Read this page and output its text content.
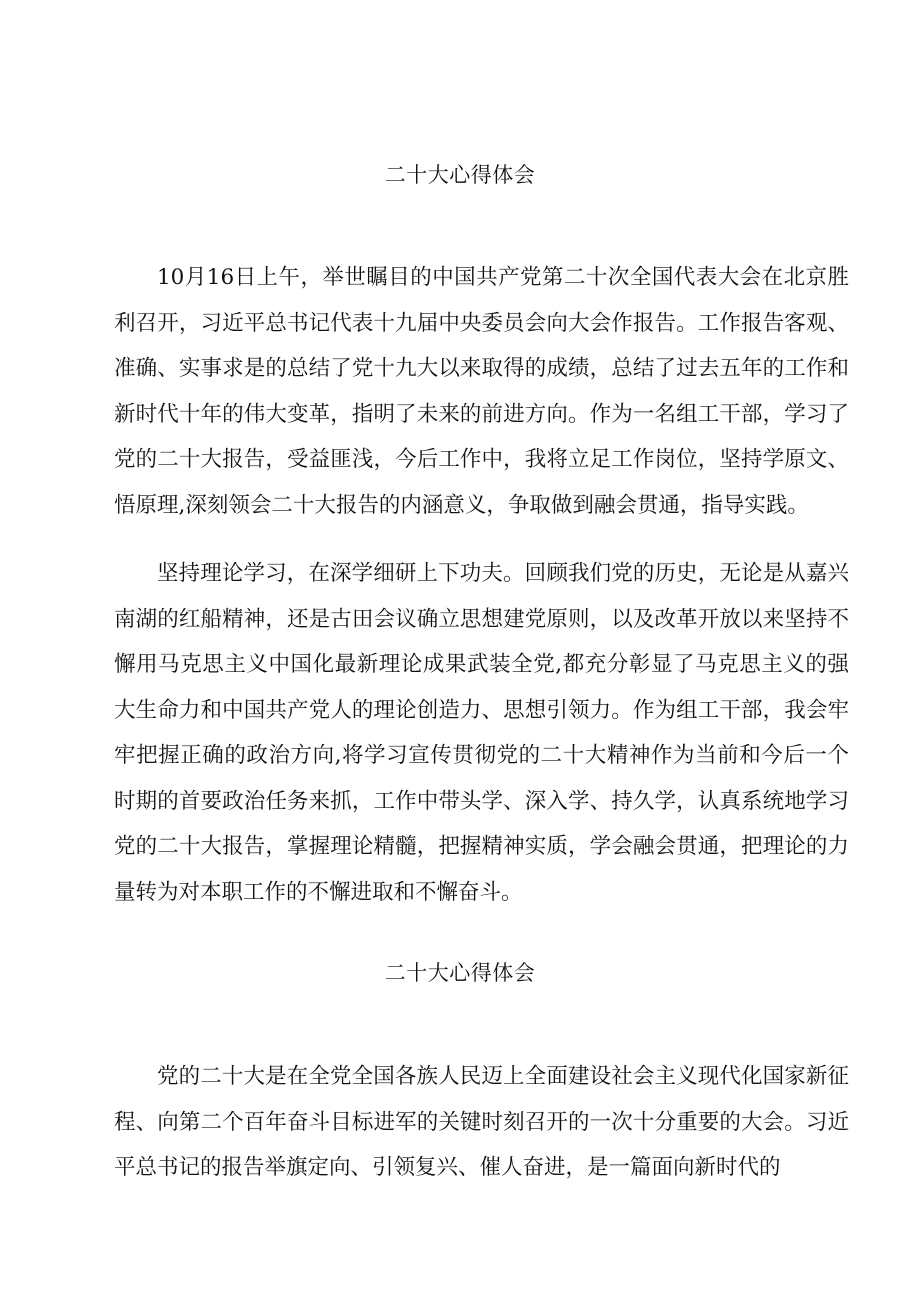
二十大心得体会

10月16日上午，举世瞩目的中国共产党第二十次全国代表大会在北京胜利召开，习近平总书记代表十九届中央委员会向大会作报告。工作报告客观、准确、实事求是的总结了党十九大以来取得的成绩，总结了过去五年的工作和新时代十年的伟大变革，指明了未来的前进方向。作为一名组工干部，学习了党的二十大报告，受益匪浅，今后工作中，我将立足工作岗位，坚持学原文、悟原理,深刻领会二十大报告的内涵意义，争取做到融会贯通，指导实践。

坚持理论学习，在深学细研上下功夫。回顾我们党的历史，无论是从嘉兴南湖的红船精神，还是古田会议确立思想建党原则，以及改革开放以来坚持不懈用马克思主义中国化最新理论成果武装全党,都充分彰显了马克思主义的强大生命力和中国共产党人的理论创造力、思想引领力。作为组工干部，我会牢牢把握正确的政治方向,将学习宣传贯彻党的二十大精神作为当前和今后一个时期的首要政治任务来抓，工作中带头学、深入学、持久学，认真系统地学习党的二十大报告，掌握理论精髓，把握精神实质，学会融会贯通，把理论的力量转为对本职工作的不懈进取和不懈奋斗。

二十大心得体会

党的二十大是在全党全国各族人民迈上全面建设社会主义现代化国家新征程、向第二个百年奋斗目标进军的关键时刻召开的一次十分重要的大会。习近平总书记的报告举旗定向、引领复兴、催人奋进，是一篇面向新时代的
